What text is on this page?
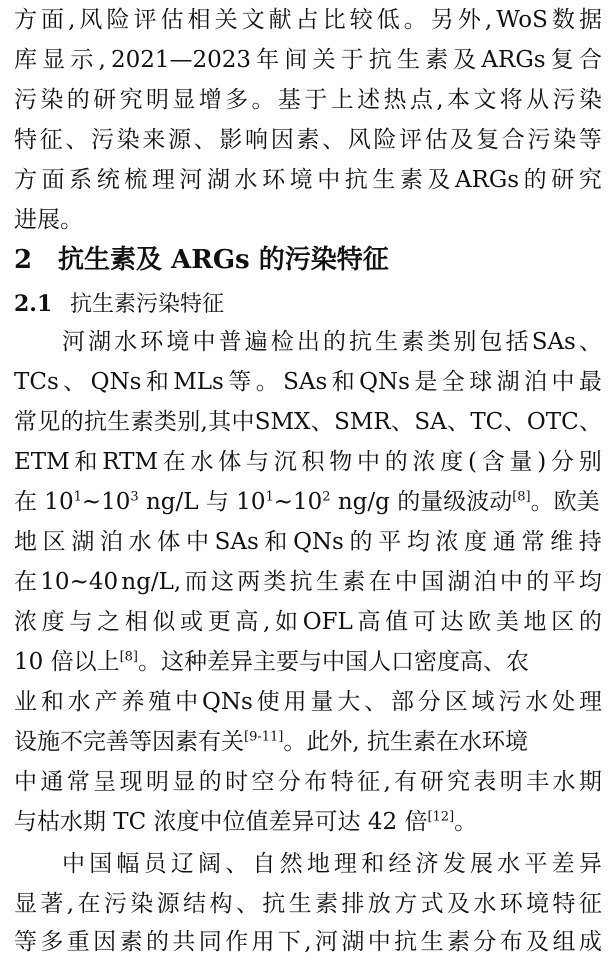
方 面 , 风 险 评 估 相 关 文 献 占 比 较 低 。 另 外 , WoS 数 据
库 显 示 , 2021—2023 年 间 关 于 抗 生 素 及 ARGs 复 合
污 染 的 研 究 明 显 增 多 。 基 于 上 述 热 点 , 本 文 将 从 污 染
特 征 、 污 染 来 源 、 影 响 因 素 、 风 险 评 估 及 复 合 污 染 等
方 面 系 统 梳 理 河 湖 水 环 境 中 抗 生 素 及 ARGs 的 研 究
进展。
2 抗生素及 ARGs 的污染特征
2.1 抗生素污染特征
河 湖 水 环 境 中 普 遍 检 出 的 抗 生 素 类 别 包 括 SAs 、
TCs 、 QNs 和 MLs 等 。 SAs 和 QNs 是 全 球 湖 泊 中 最
常 见 的 抗 生 素 类 别 , 其 中 SMX 、 SMR 、 SA 、 TC 、 OTC 、
ETM 和 RTM 在 水 体 与 沉 积 物 中 的 浓 度 ( 含 量 ) 分 别
在 $10^1\sim 10^3$ ng/L 与 $10^1\sim 10^2$ ng/g 的量级波动[8]。欧美
地 区 湖 泊 水 体 中 SAs 和 QNs 的 平 均 浓 度 通 常 维 持
在 10~40 ng/L, 而 这 两 类 抗 生 素 在 中 国 湖 泊 中 的 平 均
浓 度 与 之 相 似 或 更 高 , 如 OFL 高 值 可 达 欧 美 地 区 的
10 倍以上[8]。这种差异主要与中国人口密度高、农
业 和 水 产 养 殖 中 QNs 使 用 量 大 、 部 分 区 域 污 水 处 理
设施不完善等因素有关[9-11]。此外, 抗生素在水环境
中 通 常 呈 现 明 显 的 时 空 分 布 特 征 , 有 研 究 表 明 丰 水 期
与枯水期 TC 浓度中位值差异可达 42 倍[12]。
中 国 幅 员 辽 阔 、 自 然 地 理 和 经 济 发 展 水 平 差 异
显 著 , 在 污 染 源 结 构 、 抗 生 素 排 放 方 式 及 水 环 境 特 征
等 多 重 因 素 的 共 同 作 用 下 , 河 湖 中 抗 生 素 分 布 及 组 成
